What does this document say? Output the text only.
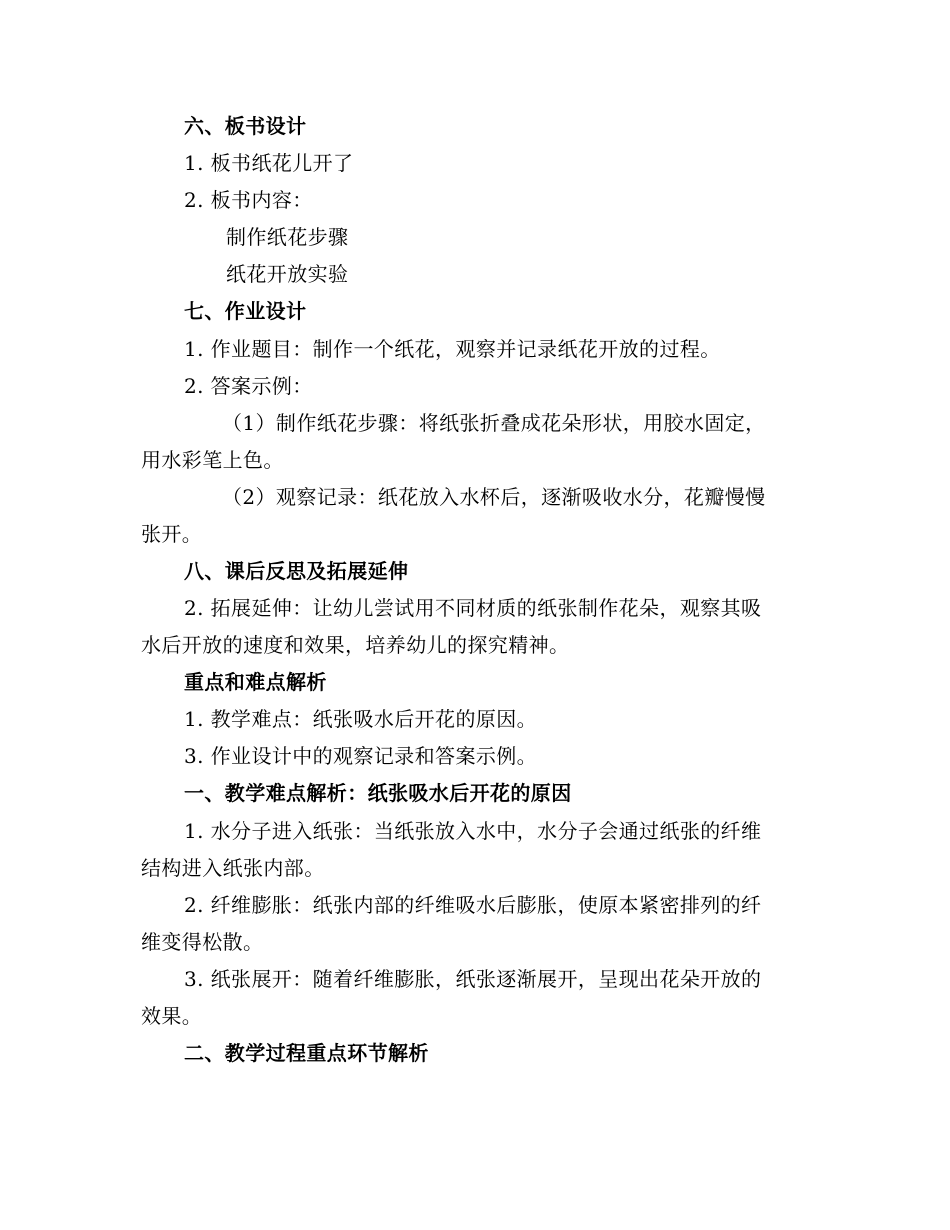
六、板书设计
1. 板书纸花儿开了
2. 板书内容：
制作纸花步骤
纸花开放实验
七、作业设计
1. 作业题目：制作一个纸花，观察并记录纸花开放的过程。
2. 答案示例：
（1）制作纸花步骤：将纸张折叠成花朵形状，用胶水固定，
用水彩笔上色。
（2）观察记录：纸花放入水杯后，逐渐吸收水分，花瓣慢慢
张开。
八、课后反思及拓展延伸
2. 拓展延伸：让幼儿尝试用不同材质的纸张制作花朵，观察其吸
水后开放的速度和效果，培养幼儿的探究精神。
重点和难点解析
1. 教学难点：纸张吸水后开花的原因。
3. 作业设计中的观察记录和答案示例。
一、教学难点解析：纸张吸水后开花的原因
1. 水分子进入纸张：当纸张放入水中，水分子会通过纸张的纤维
结构进入纸张内部。
2. 纤维膨胀：纸张内部的纤维吸水后膨胀，使原本紧密排列的纤
维变得松散。
3. 纸张展开：随着纤维膨胀，纸张逐渐展开，呈现出花朵开放的
效果。
二、教学过程重点环节解析
